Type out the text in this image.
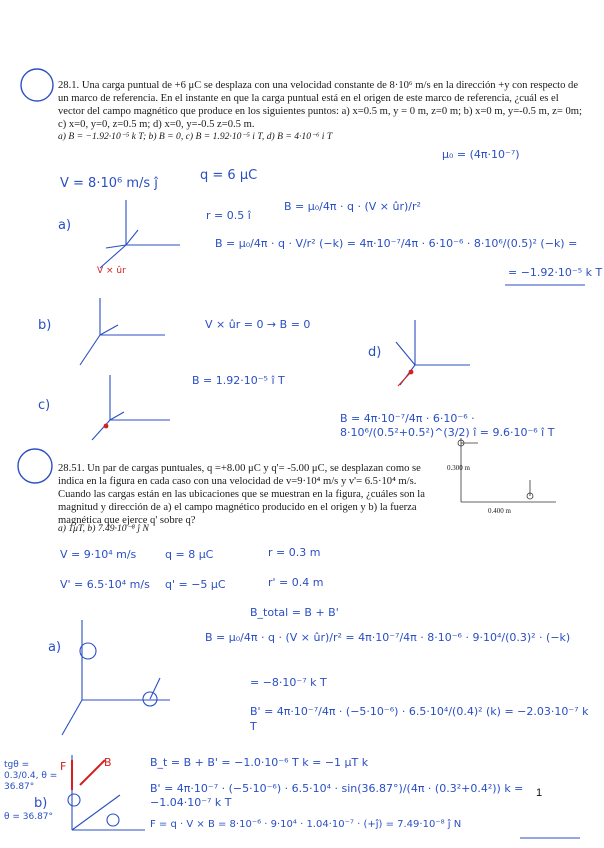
28.1. Una carga puntual de +6 μC se desplaza con una velocidad constante de 8·10⁶ m/s en la dirección +y con respecto de un marco de referencia. En el instante en que la carga puntual está en el origen de este marco de referencia, ¿cuál es el vector del campo magnético que produce en los siguientes puntos: a) x=0.5 m, y = 0 m, z=0 m; b) x=0 m, y=-0.5 m, z= 0m; c) x=0, y=0, z=0.5 m; d) x=0, y=-0.5 z=0.5 m.
a) B = −1.92·10⁻⁵ k T; b) B = 0, c) B = 1.92·10⁻⁵ i T, d) B = 4·10⁻⁶ i T
μ₀ = (4π·10⁻⁷)
V = 8·10⁶ m/s ĵ
q = 6 μC
a)
r = 0.5 î
B = μ₀/4π · q · (V × ûr)/r²
V × ûr
B = μ₀/4π · q · V/r² (−k) = 4π·10⁻⁷/4π · 6·10⁻⁶ · 8·10⁶/(0.5)² (−k) =
= −1.92·10⁻⁵ k T
b)	V × ûr = 0 → B = 0
c)
B = 1.92·10⁻⁵ î T
d)
B = 4π·10⁻⁷/4π · 6·10⁻⁶ · 8·10⁶/(0.5²+0.5²)^(3/2) î = 9.6·10⁻⁶ î T
28.51. Un par de cargas puntuales, q =+8.00 μC y q'= -5.00 μC, se desplazan como se indica en la figura en cada caso con una velocidad de v=9·10⁴ m/s y v'= 6.5·10⁴ m/s. Cuando las cargas están en las ubicaciones que se muestran en la figura, ¿cuáles son la magnitud y dirección de a) el campo magnético producido en el origen y b) la fuerza magnética que ejerce q' sobre q?
a) 1μT, b) 7.49·10⁻⁸ ĵ N
0.300 m
0.400 m
V = 9·10⁴ m/s	q = 8 μC	r = 0.3 m
V' = 6.5·10⁴ m/s q' = −5 μC	r' = 0.4 m
B_total = B + B'
a)
B = μ₀/4π · q · (V × ûr)/r² = 4π·10⁻⁷/4π · 8·10⁻⁶ · 9·10⁴/(0.3)² · (−k)
= −8·10⁻⁷ k T
B' = 4π·10⁻⁷/4π · (−5·10⁻⁶) · 6.5·10⁴/(0.4)² (k) = −2.03·10⁻⁷ k T
B_t = B + B' = −1.0·10⁻⁶ T k = −1 μT k
b)
tgθ = 0.3/0.4, θ = 36.87°
θ = 36.87°
F	B
B' = 4π·10⁻⁷ · (−5·10⁻⁶) · 6.5·10⁴ · sin(36.87°)/(4π · (0.3²+0.4²)) k = −1.04·10⁻⁷ k T
F = q · V × B = 8·10⁻⁶ · 9·10⁴ · 1.04·10⁻⁷ · (+ĵ) = 7.49·10⁻⁸ ĵ N
1
